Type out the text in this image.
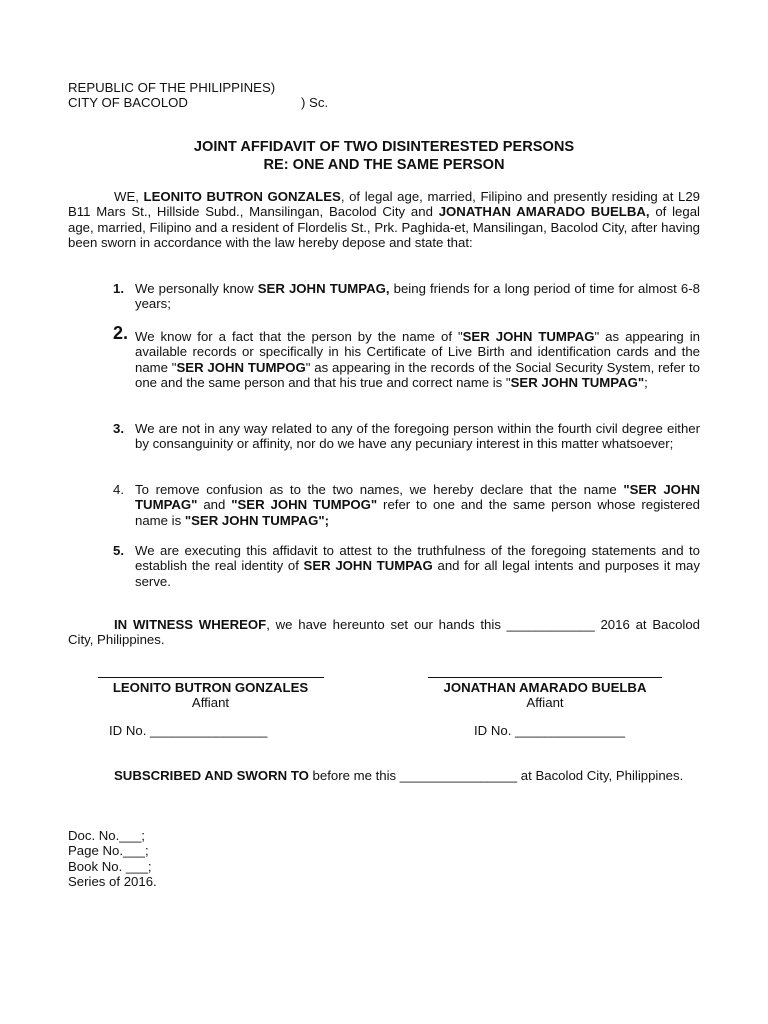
REPUBLIC OF THE PHILIPPINES)
CITY OF BACOLOD	) Sc.
JOINT AFFIDAVIT OF TWO DISINTERESTED PERSONS
RE: ONE AND THE SAME PERSON

WE, LEONITO BUTRON GONZALES, of legal age, married, Filipino and presently residing at L29 B11 Mars St., Hillside Subd., Mansilingan, Bacolod City and JONATHAN AMARADO BUELBA, of legal age, married, Filipino and a resident of Flordelis St., Prk. Paghida-et, Mansilingan, Bacolod City, after having been sworn in accordance with the law hereby depose and state that:

1. We personally know SER JOHN TUMPAG, being friends for a long period of time for almost 6-8 years;
2. We know for a fact that the person by the name of "SER JOHN TUMPAG" as appearing in available records or specifically in his Certificate of Live Birth and identification cards and the name "SER JOHN TUMPOG" as appearing in the records of the Social Security System, refer to one and the same person and that his true and correct name is "SER JOHN TUMPAG";
3. We are not in any way related to any of the foregoing person within the fourth civil degree either by consanguinity or affinity, nor do we have any pecuniary interest in this matter whatsoever;
4. To remove confusion as to the two names, we hereby declare that the name "SER JOHN TUMPAG" and "SER JOHN TUMPOG" refer to one and the same person whose registered name is "SER JOHN TUMPAG";
5. We are executing this affidavit to attest to the truthfulness of the foregoing statements and to establish the real identity of SER JOHN TUMPAG and for all legal intents and purposes it may serve.

IN WITNESS WHEREOF, we have hereunto set our hands this ____________ 2016 at Bacolod City, Philippines.

LEONITO BUTRON GONZALES
Affiant
ID No. ________________
JONATHAN AMARADO BUELBA
Affiant
ID No. _______________

SUBSCRIBED AND SWORN TO before me this ________________ at Bacolod City, Philippines.

Doc. No.___;
Page No.___;
Book No. ___;
Series of 2016.
